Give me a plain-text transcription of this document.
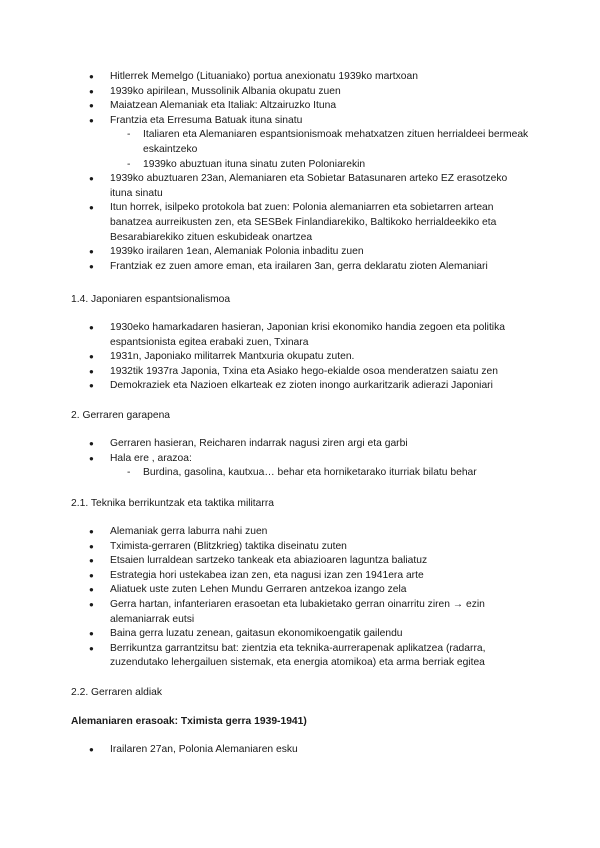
● Hitlerrek Memelgo (Lituaniako) portua anexionatu 1939ko martxoan
● 1939ko apirilean, Mussolinik Albania okupatu zuen
● Maiatzean Alemaniak eta Italiak: Altzairuzko Ituna
● Frantzia eta Erresuma Batuak ituna sinatu
- Italiaren eta Alemaniaren espantsionismoak mehatxatzen zituen herrialdeei bermeak eskaintzeko
- 1939ko abuztuan ituna sinatu zuten Poloniarekin
● 1939ko abuztuaren 23an, Alemaniaren eta Sobietar Batasunaren arteko EZ erasotzeko ituna sinatu
● Itun horrek, isilpeko protokola bat zuen: Polonia alemaniarren eta sobietarren artean banatzea aurreikusten zen, eta SESBek Finlandiarekiko, Baltikoko herrialdeekiko eta Besarabiarekiko zituen eskubideak onartzea
● 1939ko irailaren 1ean, Alemaniak Polonia inbaditu zuen
● Frantziak ez zuen amore eman, eta irailaren 3an, gerra deklaratu zioten Alemaniari
1.4. Japoniaren espantsionalismoa
● 1930eko hamarkadaren hasieran, Japonian krisi ekonomiko handia zegoen eta politika espantsionista egitea erabaki zuen, Txinara
● 1931n, Japoniako militarrek Mantxuria okupatu zuten.
● 1932tik 1937ra Japonia, Txina eta Asiako hego-ekialde osoa menderatzen saiatu zen
● Demokraziek eta Nazioen elkarteak ez zioten inongo aurkaritzarik adierazi Japoniari
2. Gerraren garapena
● Gerraren hasieran, Reicharen indarrak nagusi ziren argi eta garbi
● Hala ere , arazoa:
- Burdina, gasolina, kautxua… behar eta horniketarako iturriak bilatu behar
2.1. Teknika berrikuntzak eta taktika militarra
● Alemaniak gerra laburra nahi zuen
● Tximista-gerraren (Blitzkrieg) taktika diseinatu zuten
● Etsaien lurraldean sartzeko tankeak eta abiazioaren laguntza baliatuz
● Estrategia hori ustekabea izan zen, eta nagusi izan zen 1941era arte
● Aliatuek uste zuten Lehen Mundu Gerraren antzekoa izango zela
● Gerra hartan, infanteriaren erasoetan eta lubakietako gerran oinarritu ziren → ezin alemaniarrak eutsi
● Baina gerra luzatu zenean, gaitasun ekonomikoengatik gailendu
● Berrikuntza garrantzitsu bat: zientzia eta teknika-aurrerapenak aplikatzea (radarra, zuzendutako lehergailuen sistemak, eta energia atomikoa) eta arma berriak egitea
2.2. Gerraren aldiak
Alemaniaren erasoak: Tximista gerra 1939-1941)
● Irailaren 27an, Polonia Alemaniaren esku
